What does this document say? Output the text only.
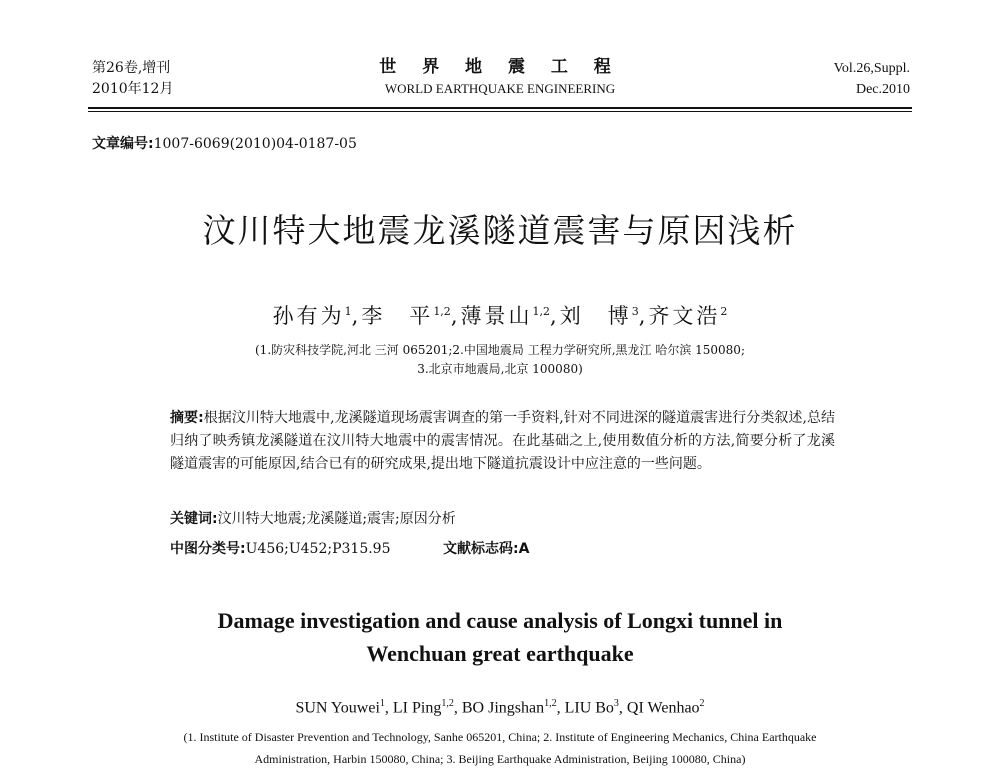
第26卷,增刊
2010年12月
世 界 地 震 工 程
WORLD EARTHQUAKE ENGINEERING
Vol.26,Suppl.
Dec.2010
文章编号:1007-6069(2010)04-0187-05
汶川特大地震龙溪隧道震害与原因浅析
孙有为$^1$,李　平$^{1,2}$,薄景山$^{1,2}$,刘　博$^3$,齐文浩$^2$
(1.防灾科技学院,河北 三河 065201;2.中国地震局 工程力学研究所,黑龙江 哈尔滨 150080;
3.北京市地震局,北京 100080)
摘要:根据汶川特大地震中,龙溪隧道现场震害调查的第一手资料,针对不同进深的隧道震害进行分类叙述,总结归纳了映秀镇龙溪隧道在汶川特大地震中的震害情况。在此基础之上,使用数值分析的方法,简要分析了龙溪隧道震害的可能原因,结合已有的研究成果,提出地下隧道抗震设计中应注意的一些问题。
关键词:汶川特大地震;龙溪隧道;震害;原因分析
中图分类号:U456;U452;P315.95	文献标志码:A
Damage investigation and cause analysis of Longxi tunnel in
Wenchuan great earthquake
SUN Youwei$^1$, LI Ping$^{1,2}$, BO Jingshan$^{1,2}$, LIU Bo$^3$, QI Wenhao$^2$
(1. Institute of Disaster Prevention and Technology, Sanhe 065201, China; 2. Institute of Engineering Mechanics, China Earthquake
Administration, Harbin 150080, China; 3. Beijing Earthquake Administration, Beijing 100080, China)
